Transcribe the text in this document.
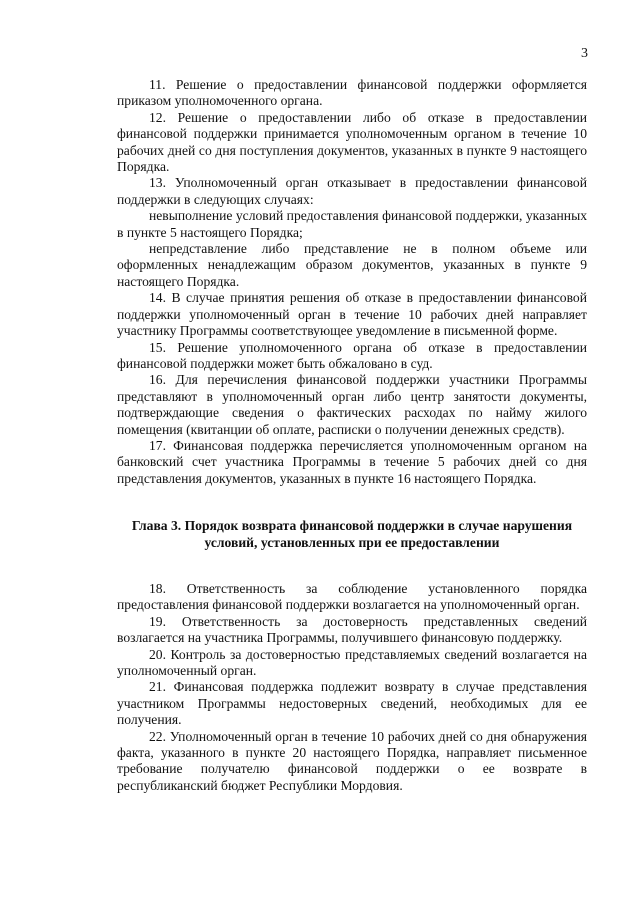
3

11. Решение о предоставлении финансовой поддержки оформляется приказом уполномоченного органа.

12. Решение о предоставлении либо об отказе в предоставлении финансовой поддержки принимается уполномоченным органом в течение 10 рабочих дней со дня поступления документов, указанных в пункте 9 настоящего Порядка.

13. Уполномоченный орган отказывает в предоставлении финансовой поддержки в следующих случаях:

невыполнение условий предоставления финансовой поддержки, указанных в пункте 5 настоящего Порядка;

непредставление либо представление не в полном объеме или оформленных ненадлежащим образом документов, указанных в пункте 9 настоящего Порядка.

14. В случае принятия решения об отказе в предоставлении финансовой поддержки уполномоченный орган в течение 10 рабочих дней направляет участнику Программы соответствующее уведомление в письменной форме.

15. Решение уполномоченного органа об отказе в предоставлении финансовой поддержки может быть обжаловано в суд.

16. Для перечисления финансовой поддержки участники Программы представляют в уполномоченный орган либо центр занятости документы, подтверждающие сведения о фактических расходах по найму жилого помещения (квитанции об оплате, расписки о получении денежных средств).

17. Финансовая поддержка перечисляется уполномоченным органом на банковский счет участника Программы в течение 5 рабочих дней со дня представления документов, указанных в пункте 16 настоящего Порядка.

Глава 3. Порядок возврата финансовой поддержки в случае нарушения

условий, установленных при ее предоставлении

18. Ответственность за соблюдение установленного порядка предоставления финансовой поддержки возлагается на уполномоченный орган.

19. Ответственность за достоверность представленных сведений возлагается на участника Программы, получившего финансовую поддержку.

20. Контроль за достоверностью представляемых сведений возлагается на уполномоченный орган.

21. Финансовая поддержка подлежит возврату в случае представления участником Программы недостоверных сведений, необходимых для ее получения.

22. Уполномоченный орган в течение 10 рабочих дней со дня обнаружения факта, указанного в пункте 20 настоящего Порядка, направляет письменное требование получателю финансовой поддержки о ее возврате в республиканский бюджет Республики Мордовия.
